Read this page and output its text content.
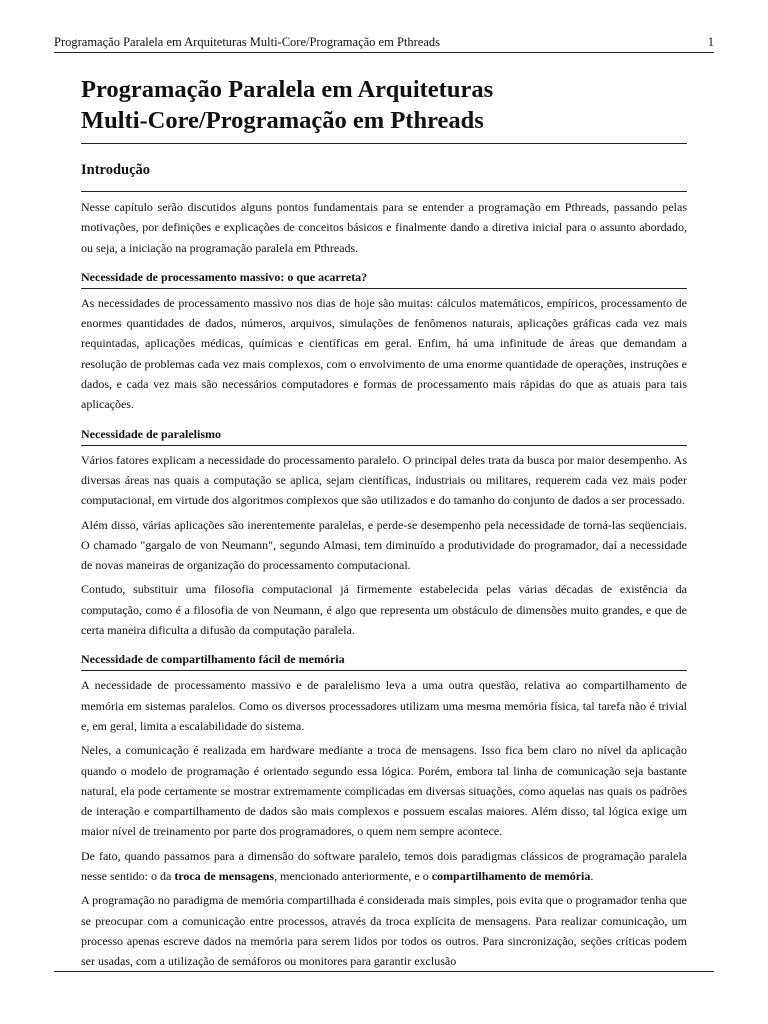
Programação Paralela em Arquiteturas Multi-Core/Programação em Pthreads	1
Programação Paralela em Arquiteturas
Multi-Core/Programação em Pthreads
Introdução

Nesse capítulo serão discutidos alguns pontos fundamentais para se entender a programação em Pthreads, passando pelas motivações, por definições e explicações de conceitos básicos e finalmente dando a diretiva inicial para o assunto abordado, ou seja, a iniciação na programação paralela em Pthreads.

Necessidade de processamento massivo: o que acarreta?

As necessidades de processamento massivo nos dias de hoje são muitas: cálculos matemáticos, empíricos, processamento de enormes quantidades de dados, números, arquivos, simulações de fenômenos naturais, aplicações gráficas cada vez mais requintadas, aplicações médicas, químicas e científicas em geral. Enfim, há uma infinitude de áreas que demandam a resolução de problemas cada vez mais complexos, com o envolvimento de uma enorme quantidade de operações, instruções e dados, e cada vez mais são necessários computadores e formas de processamento mais rápidas do que as atuais para tais aplicações.

Necessidade de paralelismo

Vários fatores explicam a necessidade do processamento paralelo. O principal deles trata da busca por maior desempenho. As diversas áreas nas quais a computação se aplica, sejam científicas, industriais ou militares, requerem cada vez mais poder computacional, em virtude dos algoritmos complexos que são utilizados e do tamanho do conjunto de dados a ser processado.

Além disso, várias aplicações são inerentemente paralelas, e perde-se desempenho pela necessidade de torná-las seqüenciais. O chamado "gargalo de von Neumann", segundo Almasi, tem diminuído a produtividade do programador, daí a necessidade de novas maneiras de organização do processamento computacional.

Contudo, substituir uma filosofia computacional já firmemente estabelecida pelas várias décadas de existência da computação, como é a filosofia de von Neumann, é algo que representa um obstáculo de dimensões muito grandes, e que de certa maneira dificulta a difusão da computação paralela.

Necessidade de compartilhamento fácil de memória

A necessidade de processamento massivo e de paralelismo leva a uma outra questão, relativa ao compartilhamento de memória em sistemas paralelos. Como os diversos processadores utilizam uma mesma memória física, tal tarefa não é trivial e, em geral, limita a escalabilidade do sistema.

Neles, a comunicação é realizada em hardware mediante a troca de mensagens. Isso fica bem claro no nível da aplicação quando o modelo de programação é orientado segundo essa lógica. Porém, embora tal linha de comunicação seja bastante natural, ela pode certamente se mostrar extremamente complicadas em diversas situações, como aquelas nas quais os padrões de interação e compartilhamento de dados são mais complexos e possuem escalas maiores. Além disso, tal lógica exige um maior nível de treinamento por parte dos programadores, o quem nem sempre acontece.

De fato, quando passamos para a dimensão do software paralelo, temos dois paradigmas clássicos de programação paralela nesse sentido: o da troca de mensagens, mencionado anteriormente, e o compartilhamento de memória.

A programação no paradigma de memória compartilhada é considerada mais simples, pois evita que o programador tenha que se preocupar com a comunicação entre processos, através da troca explícita de mensagens. Para realizar comunicação, um processo apenas escreve dados na memória para serem lidos por todos os outros. Para sincronização, seções críticas podem ser usadas, com a utilização de semáforos ou monitores para garantir exclusão
